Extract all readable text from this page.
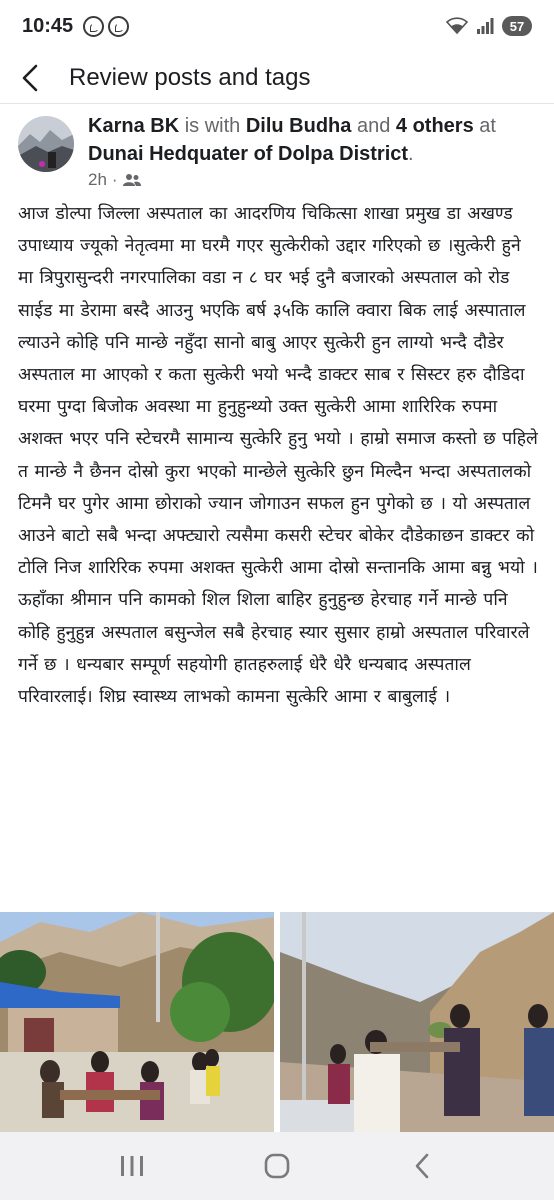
10:45	57
Review posts and tags
Karna BK is with Dilu Budha and 4 others at Dunai Hedquater of Dolpa District.
2h ·
आज डोल्पा जिल्ला अस्पताल का आदरणिय चिकित्सा शाखा प्रमुख डा अखण्ड उपाध्याय ज्यूको नेतृत्वमा मा घरमै गएर सुत्केरीको उद्दार गरिएको छ ।सुत्केरी हुने मा त्रिपुरासुन्दरी नगरपालिका वडा न ८ घर भई दुनै बजारको अस्पताल को रोड साईड मा डेरामा बस्दै आउनु भएकि बर्ष ३५कि कालि क्वारा बिक लाई अस्पाताल ल्याउने कोहि पनि मान्छे नहुँदा सानो बाबु आएर सुत्केरी हुन लाग्यो भन्दै दौडेर अस्पताल मा आएको र कता सुत्केरी भयो भन्दै डाक्टर साब र सिस्टर हरु दौडिदा घरमा पुग्दा बिजोक अवस्था मा हुनुहुन्थ्यो उक्त सुत्केरी आमा शारिरिक रुपमा अशक्त भएर पनि स्टेचरमै सामान्य सुत्केरि हुनु भयो । हाम्रो समाज कस्तो छ पहिले त मान्छे नै छैनन दोस्रो कुरा भएको मान्छेले सुत्केरि छुन मिल्दैन भन्दा अस्पतालको टिमनै घर पुगेर आमा छोराको ज्यान जोगाउन सफल हुन पुगेको छ । यो अस्पताल आउने बाटो सबै भन्दा अफ्ट्यारो त्यसैमा कसरी स्टेचर बोकेर दौडेकाछन डाक्टर को टोलि निज शारिरिक रुपमा अशक्त सुत्केरी आमा दोस्रो सन्तानकि आमा बन्नु भयो । ऊहाँका श्रीमान पनि कामको शिल शिला बाहिर हुनुहुन्छ हेरचाह गर्ने मान्छे पनि कोहि हुनुहुन्न अस्पताल बसुन्जेल सबै हेरचाह स्यार सुसार हाम्रो अस्पताल परिवारले गर्ने छ । धन्यबार सम्पूर्ण सहयोगी हातहरुलाई धेरै धेरै धन्यबाद अस्पताल परिवारलाई। शिघ्र स्वास्थ्य लाभको कामना सुत्केरि आमा र बाबुलाई ।
